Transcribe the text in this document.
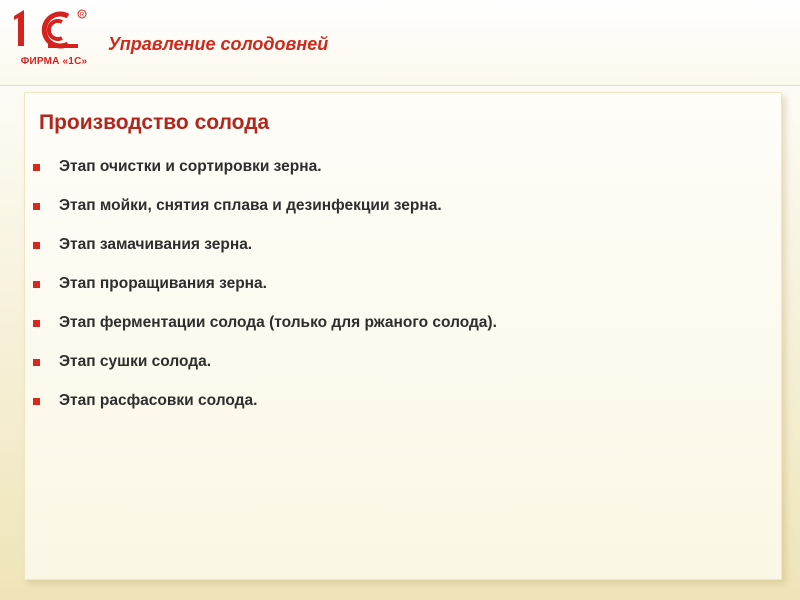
R
ФИРМА «1С»
Управление солодовней
Производство солода
Этап очистки и сортировки зерна.
Этап мойки, снятия сплава и дезинфекции зерна.
Этап замачивания зерна.
Этап проращивания зерна.
Этап ферментации солода (только для ржаного солода).
Этап сушки солода.
Этап расфасовки солода.
